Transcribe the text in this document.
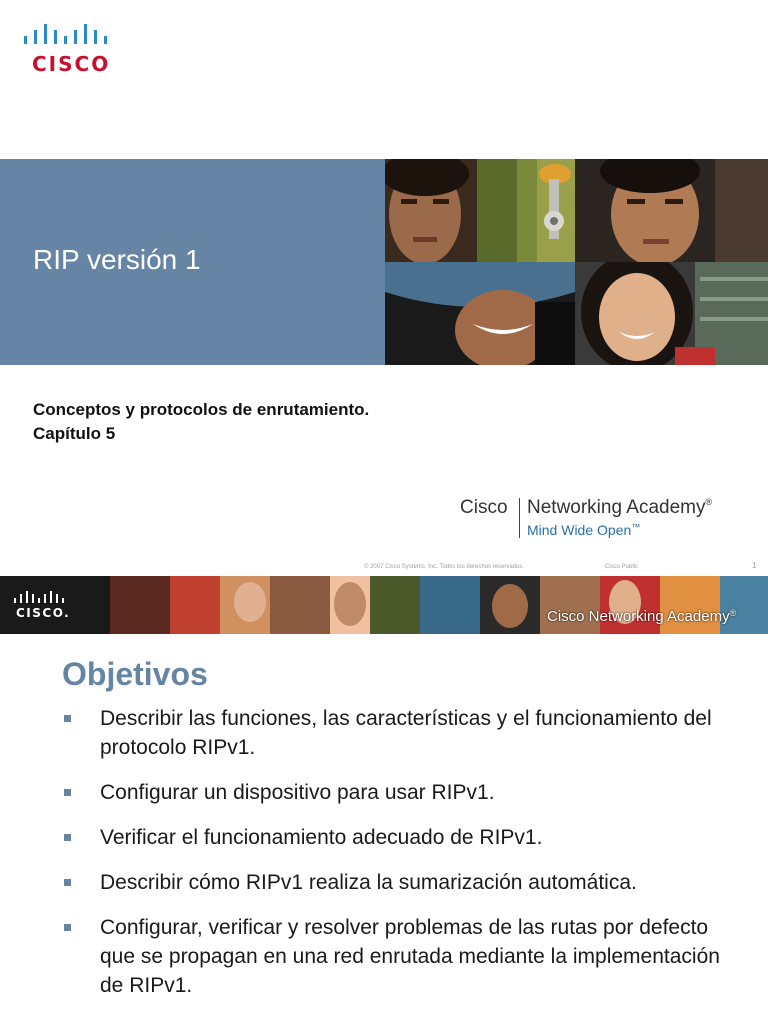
CISCO
RIP versión 1
Conceptos y protocolos de enrutamiento.
Capítulo 5
Cisco Networking Academy®
Mind Wide Open™
© 2007 Cisco Systems, Inc. Todos los derechos reservados.	Cisco Public	1
CISCO.	Cisco Networking Academy®
Objetivos
Describir las funciones, las características y el funcionamiento del protocolo RIPv1.
Configurar un dispositivo para usar RIPv1.
Verificar el funcionamiento adecuado de RIPv1.
Describir cómo RIPv1 realiza la sumarización automática.
Configurar, verificar y resolver problemas de las rutas por defecto que se propagan en una red enrutada mediante la implementación de RIPv1.
